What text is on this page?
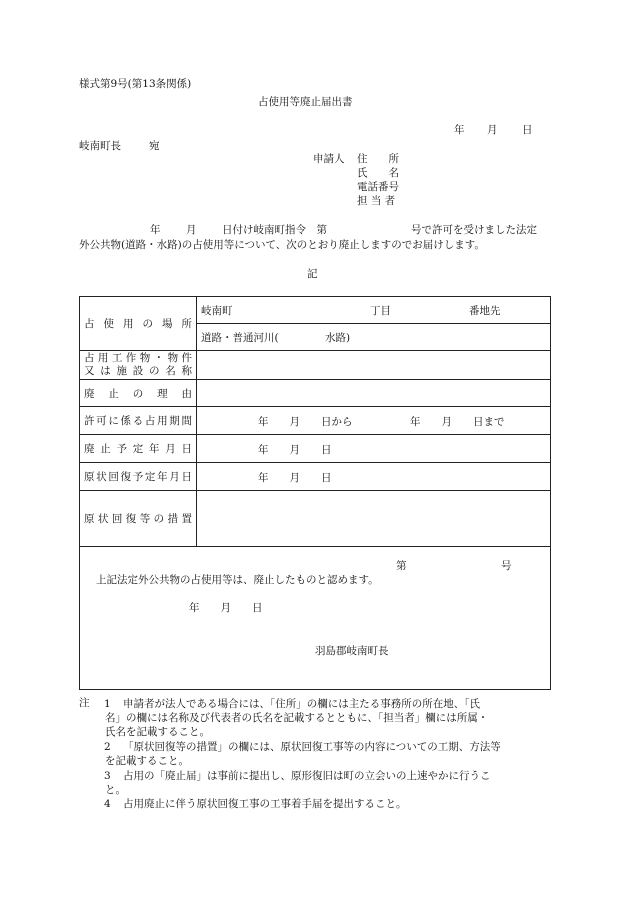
様式第9号(第13条関係)
占使用等廃止届出書
年 月 日
岐南町長	宛
申請人 住　　所
氏　　名
電話番号
担 当 者
年 月 日付け岐南町指令　第	号で許可を受けました法定
外公共物(道路・水路)の占使用等について、次のとおり廃止しますのでお届けします。
記
占 使 用 の 場 所	岐南町 丁目 番地先

	道路・普通河川( 水路)

占用工作物・物件
又は施設の名称	

廃止の理由	

許可に係る占用期間	年　　月　　日から 年　　月　　日まで

廃止予定年月日	年　　月　　日

原状回復予定年月日	年　　月　　日

原状回復等の措置	

第 号
上記法定外公共物の占使用等は、廃止したものと認めます。
年　　月　　日
羽島郡岐南町長	
注 1	申請者が法人である場合には、「住所」の欄には主たる事務所の所在地、「氏
名」の欄には名称及び代表者の氏名を記載するとともに、「担当者」欄には所属・
氏名を記載すること。
2	「原状回復等の措置」の欄には、原状回復工事等の内容についての工期、方法等
を記載すること。
3	占用の「廃止届」は事前に提出し、原形復旧は町の立会いの上速やかに行うこ
と。
4	占用廃止に伴う原状回復工事の工事着手届を提出すること。
